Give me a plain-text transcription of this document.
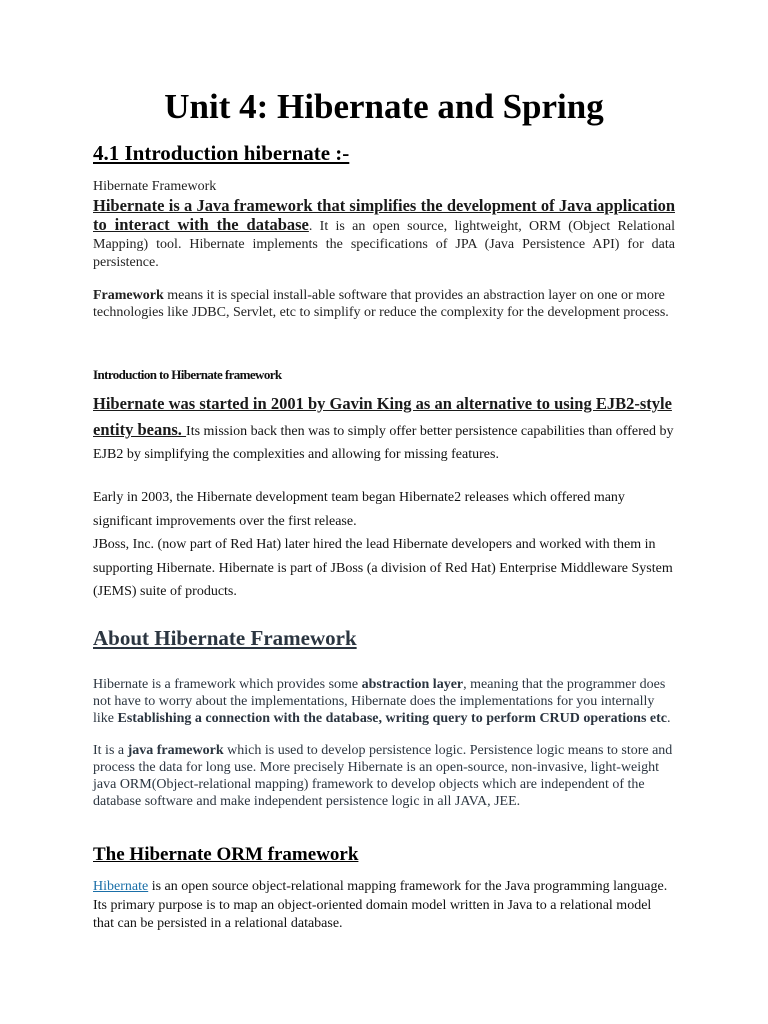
Unit 4: Hibernate and Spring
4.1 Introduction hibernate :-

Hibernate Framework

Hibernate is a Java framework that simplifies the development of Java application to interact with the database. It is an open source, lightweight, ORM (Object Relational Mapping) tool. Hibernate implements the specifications of JPA (Java Persistence API) for data persistence.

Framework means it is special install-able software that provides an abstraction layer on one or more technologies like JDBC, Servlet, etc to simplify or reduce the complexity for the development process.

Introduction to Hibernate framework

Hibernate was started in 2001 by Gavin King as an alternative to using EJB2-style entity beans. Its mission back then was to simply offer better persistence capabilities than offered by EJB2 by simplifying the complexities and allowing for missing features.

Early in 2003, the Hibernate development team began Hibernate2 releases which offered many significant improvements over the first release.

JBoss, Inc. (now part of Red Hat) later hired the lead Hibernate developers and worked with them in supporting Hibernate. Hibernate is part of JBoss (a division of Red Hat) Enterprise Middleware System (JEMS) suite of products.

About Hibernate Framework

Hibernate is a framework which provides some abstraction layer, meaning that the programmer does not have to worry about the implementations, Hibernate does the implementations for you internally like Establishing a connection with the database, writing query to perform CRUD operations etc.

It is a java framework which is used to develop persistence logic. Persistence logic means to store and process the data for long use. More precisely Hibernate is an open-source, non-invasive, light-weight java ORM(Object-relational mapping) framework to develop objects which are independent of the database software and make independent persistence logic in all JAVA, JEE.

The Hibernate ORM framework

Hibernate is an open source object-relational mapping framework for the Java programming language. Its primary purpose is to map an object-oriented domain model written in Java to a relational model that can be persisted in a relational database.
